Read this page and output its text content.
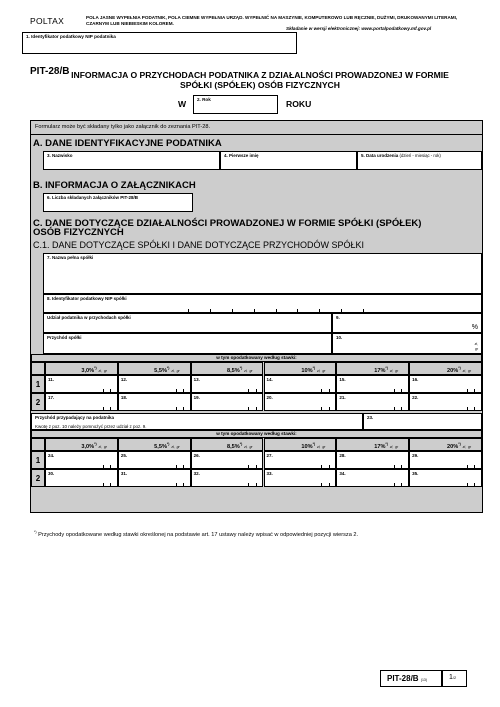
POLTAX	POLA JASNE WYPEŁNIA PODATNIK, POLA CIEMNE WYPEŁNIA URZĄD. WYPEŁNIĆ NA MASZYNIE, KOMPUTEROWO LUB RĘCZNIE, DUŻYMI, DRUKOWANYMI LITERAMI, CZARNYM LUB NIEBIESKIM KOLOREM.
Składanie w wersji elektronicznej: www.portalpodatkowy.mf.gov.pl
1. Identyfikator podatkowy NIP podatnika
PIT-28/B INFORMACJA O PRZYCHODACH PODATNIKA Z DZIAŁALNOŚCI PROWADZONEJ W FORMIE SPÓŁKI (SPÓŁEK) OSÓB FIZYCZNYCH
W 2. Rok	ROKU
Formularz może być składany tylko jako załącznik do zeznania PIT-28.
A. DANE IDENTYFIKACYJNE PODATNIKA
3. Nazwisko	4. Pierwsze imię	5. Data urodzenia (dzień - miesiąc - rok)
B. INFORMACJA O ZAŁĄCZNIKACH
6. Liczba składanych załączników PIT-28/B
C. DANE DOTYCZĄCE DZIAŁALNOŚCI PROWADZONEJ W FORMIE SPÓŁKI (SPÓŁEK)
OSÓB FIZYCZNYCH
C.1. DANE DOTYCZĄCE SPÓŁKI I DANE DOTYCZĄCE PRZYCHODÓW SPÓŁKI
7. Nazwa pełna spółki
8. Identyfikator podatkowy NIP spółki
Udział podatnika w przychodach spółki	9.
%
Przychód spółki	10.
zł,
gr
w tym opodatkowany według stawki:
3,0%*)  zł, gr	5,5%*)  zł, gr	8,5%*)  zł, gr	10%*)  zł, gr	17%*)  zł, gr	20%*)  zł, gr
1	11.	12.	13.	14.	15.	16.
2	17.	18.	19.	20.	21.	22.
Przychód przypadający na podatnika
Kwotę z poz. 10 należy pomnożyć przez udział z poz. 9.
23.
w tym opodatkowany według stawki:
3,0%*)  zł, gr	5,5%*)  zł, gr	8,5%*)  zł, gr	10%*)  zł, gr	17%*)  zł, gr	20%*)  zł, gr
1	24.	25.	26.	27.	28.	29.
2	30.	31.	32.	33.	34.	35.
*) Przychody opodatkowane według stawki określonej na podstawie art. 17 ustawy należy wpisać w odpowiedniej pozycji wiersza 2.
PIT-28/B (13)	1/2
